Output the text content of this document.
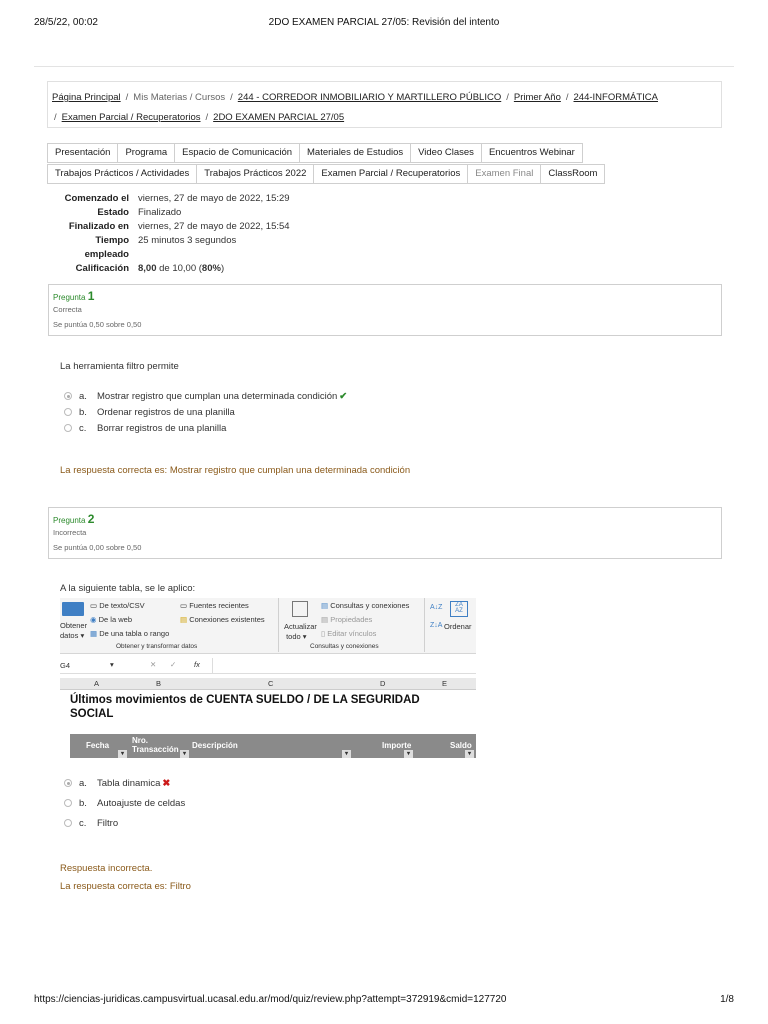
28/5/22, 00:02	2DO EXAMEN PARCIAL 27/05: Revisión del intento
Página Principal / Mis Materias / Cursos / 244 - CORREDOR INMOBILIARIO Y MARTILLERO PÚBLICO / Primer Año / 244-INFORMÁTICA
/ Examen Parcial / Recuperatorios / 2DO EXAMEN PARCIAL 27/05
Presentación	Programa	Espacio de Comunicación	Materiales de Estudios	Video Clases	Encuentros Webinar
Trabajos Prácticos / Actividades	Trabajos Prácticos 2022	Examen Parcial / Recuperatorios	Examen Final	ClassRoom
Comenzado el viernes, 27 de mayo de 2022, 15:29
Estado Finalizado
Finalizado en viernes, 27 de mayo de 2022, 15:54
Tiempo 25 minutos 3 segundos
empleado
Calificación 8,00 de 10,00 (80%)
Pregunta 1
Correcta
Se puntúa 0,50 sobre 0,50
La herramienta filtro permite
a.	Mostrar registro que cumplan una determinada condición ✔
b.	Ordenar registros de una planilla
c.	Borrar registros de una planilla
La respuesta correcta es: Mostrar registro que cumplan una determinada condición
Pregunta 2
Incorrecta
Se puntúa 0,00 sobre 0,50
A la siguiente tabla, se le aplico:
Obtener
datos ▾
▭ De texto/CSV
◉ De la web
▦ De una tabla o rango
▭ Fuentes recientes
▤ Conexiones existentes
Obtener y transformar datos
Actualizar
todo ▾
▤ Consultas y conexiones
▤ Propiedades
▯ Editar vínculos
Consultas y conexiones
A↓Z	ZA AZ
Z↓A Ordenar
G4	▾	✕ ✓ fx
A	B	C	D	E
Últimos movimientos de CUENTA SUELDO / DE LA SEGURIDAD
SOCIAL
Fecha
▾
Nro. Transacción ▾
Descripción
▾
Importe
▾
Saldo
▾
a.	Tabla dinamica ✖
b.	Autoajuste de celdas
c.	Filtro
Respuesta incorrecta.
La respuesta correcta es: Filtro
https://ciencias-juridicas.campusvirtual.ucasal.edu.ar/mod/quiz/review.php?attempt=372919&cmid=127720	1/8
